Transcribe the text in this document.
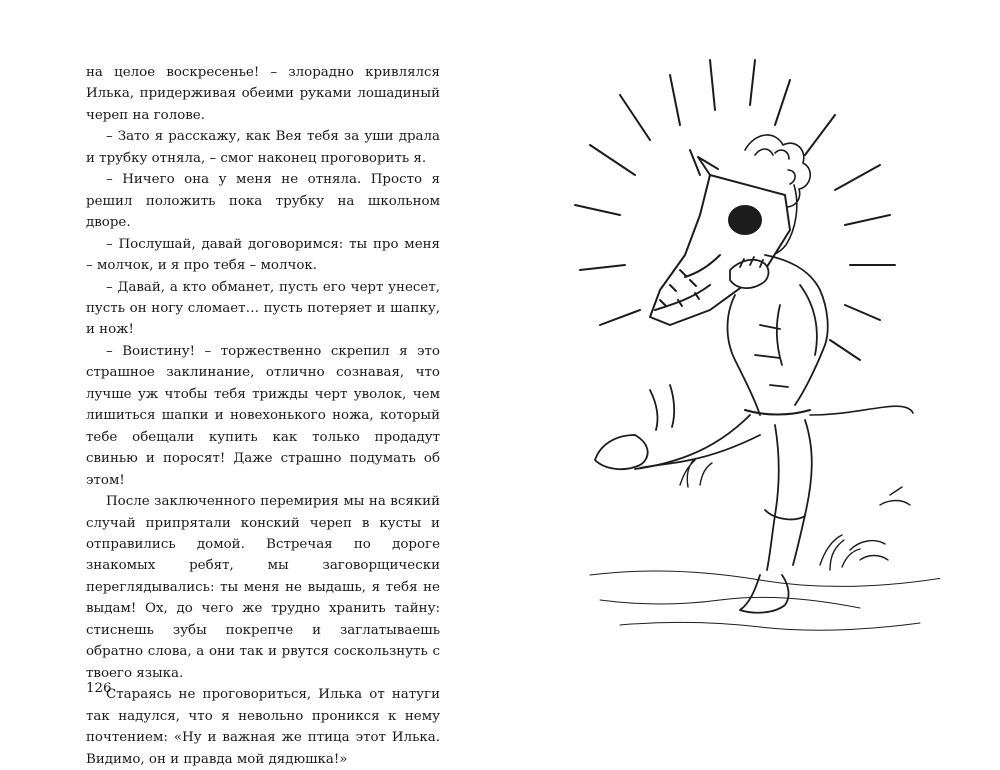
на целое воскресенье! – злорадно кривлялся Илька, придерживая обеими руками лошадиный череп на голове.

– Зато я расскажу, как Вея тебя за уши драла и трубку отняла, – смог наконец проговорить я.

– Ничего она у меня не отняла. Просто я решил положить пока трубку на школьном дворе.

– Послушай, давай договоримся: ты про меня – молчок, и я про тебя – молчок.

– Давай, а кто обманет, пусть его черт унесет, пусть он ногу сломает… пусть потеряет и шапку, и нож!

– Воистину! – торжественно скрепил я это страшное заклинание, отлично сознавая, что лучше уж чтобы тебя трижды черт уволок, чем лишиться шапки и новехонького ножа, который тебе обещали купить как только продадут свинью и поросят! Даже страшно подумать об этом!

После заключенного перемирия мы на всякий случай припрятали конский череп в кусты и отправились домой. Встречая по дороге знакомых ребят, мы заговорщически переглядывались: ты меня не выдашь, я тебя не выдам! Ох, до чего же трудно хранить тайну: стиснешь зубы покрепче и заглатываешь обратно слова, а они так и рвутся соскользнуть с твоего языка.

Стараясь не проговориться, Илька от натуги так надулся, что я невольно проникся к нему почтением: «Ну и важная же птица этот Илька. Видимо, он и правда мой дядюшка!»

126
